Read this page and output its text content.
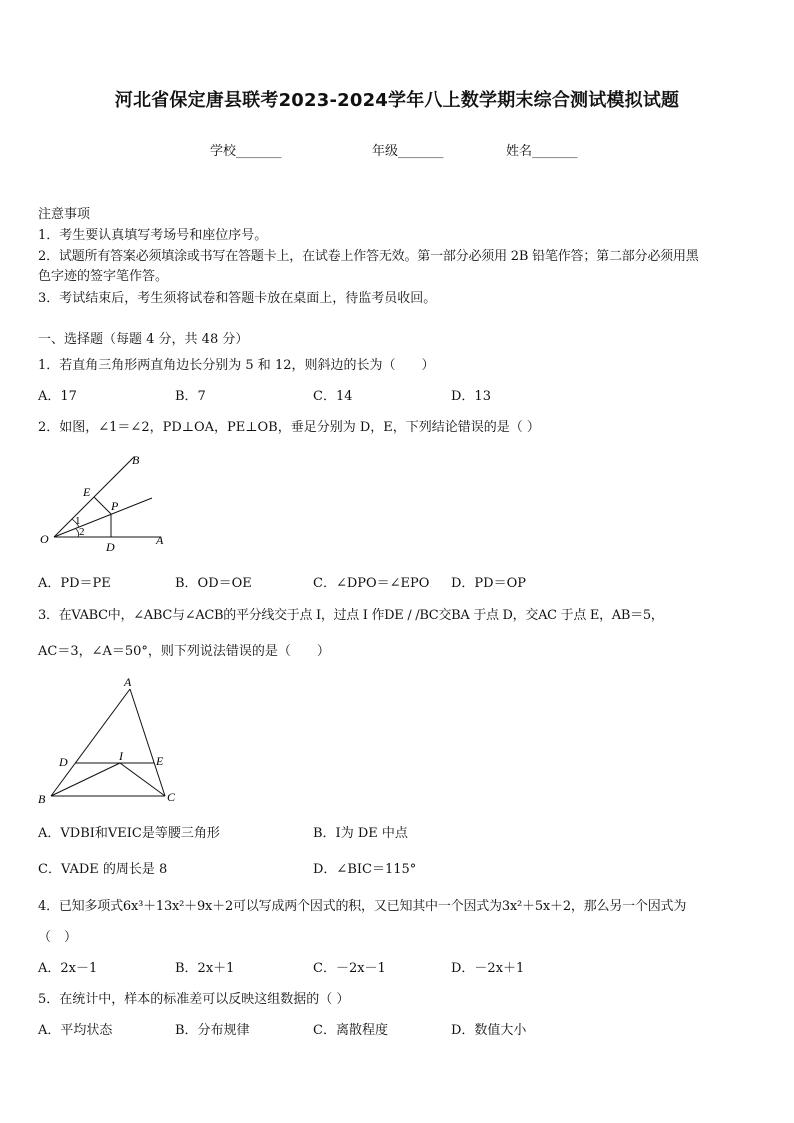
河北省保定唐县联考2023-2024学年八上数学期末综合测试模拟试题
学校_______	年级_______	姓名_______
注意事项
1．考生要认真填写考场号和座位序号。
2．试题所有答案必须填涂或书写在答题卡上，在试卷上作答无效。第一部分必须用 2B 铅笔作答；第二部分必须用黑
色字迹的签字笔作答。
3．考试结束后，考生须将试卷和答题卡放在桌面上，待监考员收回。
一、选择题（每题 4 分，共 48 分）
1．若直角三角形两直角边长分别为 5 和 12，则斜边的长为（　　）
A．17	B．7	C．14	D．13
2．如图，∠1＝∠2，PD⊥OA，PE⊥OB，垂足分别为 D，E，下列结论错误的是（ ）
B
E
P
1
2
O
D	A
A．PD＝PE	B．OD＝OE	C．∠DPO＝∠EPO D．PD＝OP
3．在VABC中，∠ABC与∠ACB的平分线交于点 I，过点 I 作DE / /BC交BA 于点 D，交AC 于点 E，AB＝5，
AC＝3，∠A＝50°，则下列说法错误的是（　　）
A
D	I	E
B	C
A．VDBI和VEIC是等腰三角形	B．I为 DE 中点
C．VADE 的周长是 8	D．∠BIC＝115°
4．已知多项式6x³＋13x²＋9x＋2可以写成两个因式的积，又已知其中一个因式为3x²＋5x＋2，那么另一个因式为
（　）
A．2x－1	B．2x＋1	C．－2x－1	D．－2x＋1
5．在统计中，样本的标准差可以反映这组数据的（ ）
A．平均状态	B．分布规律	C．离散程度	D．数值大小
